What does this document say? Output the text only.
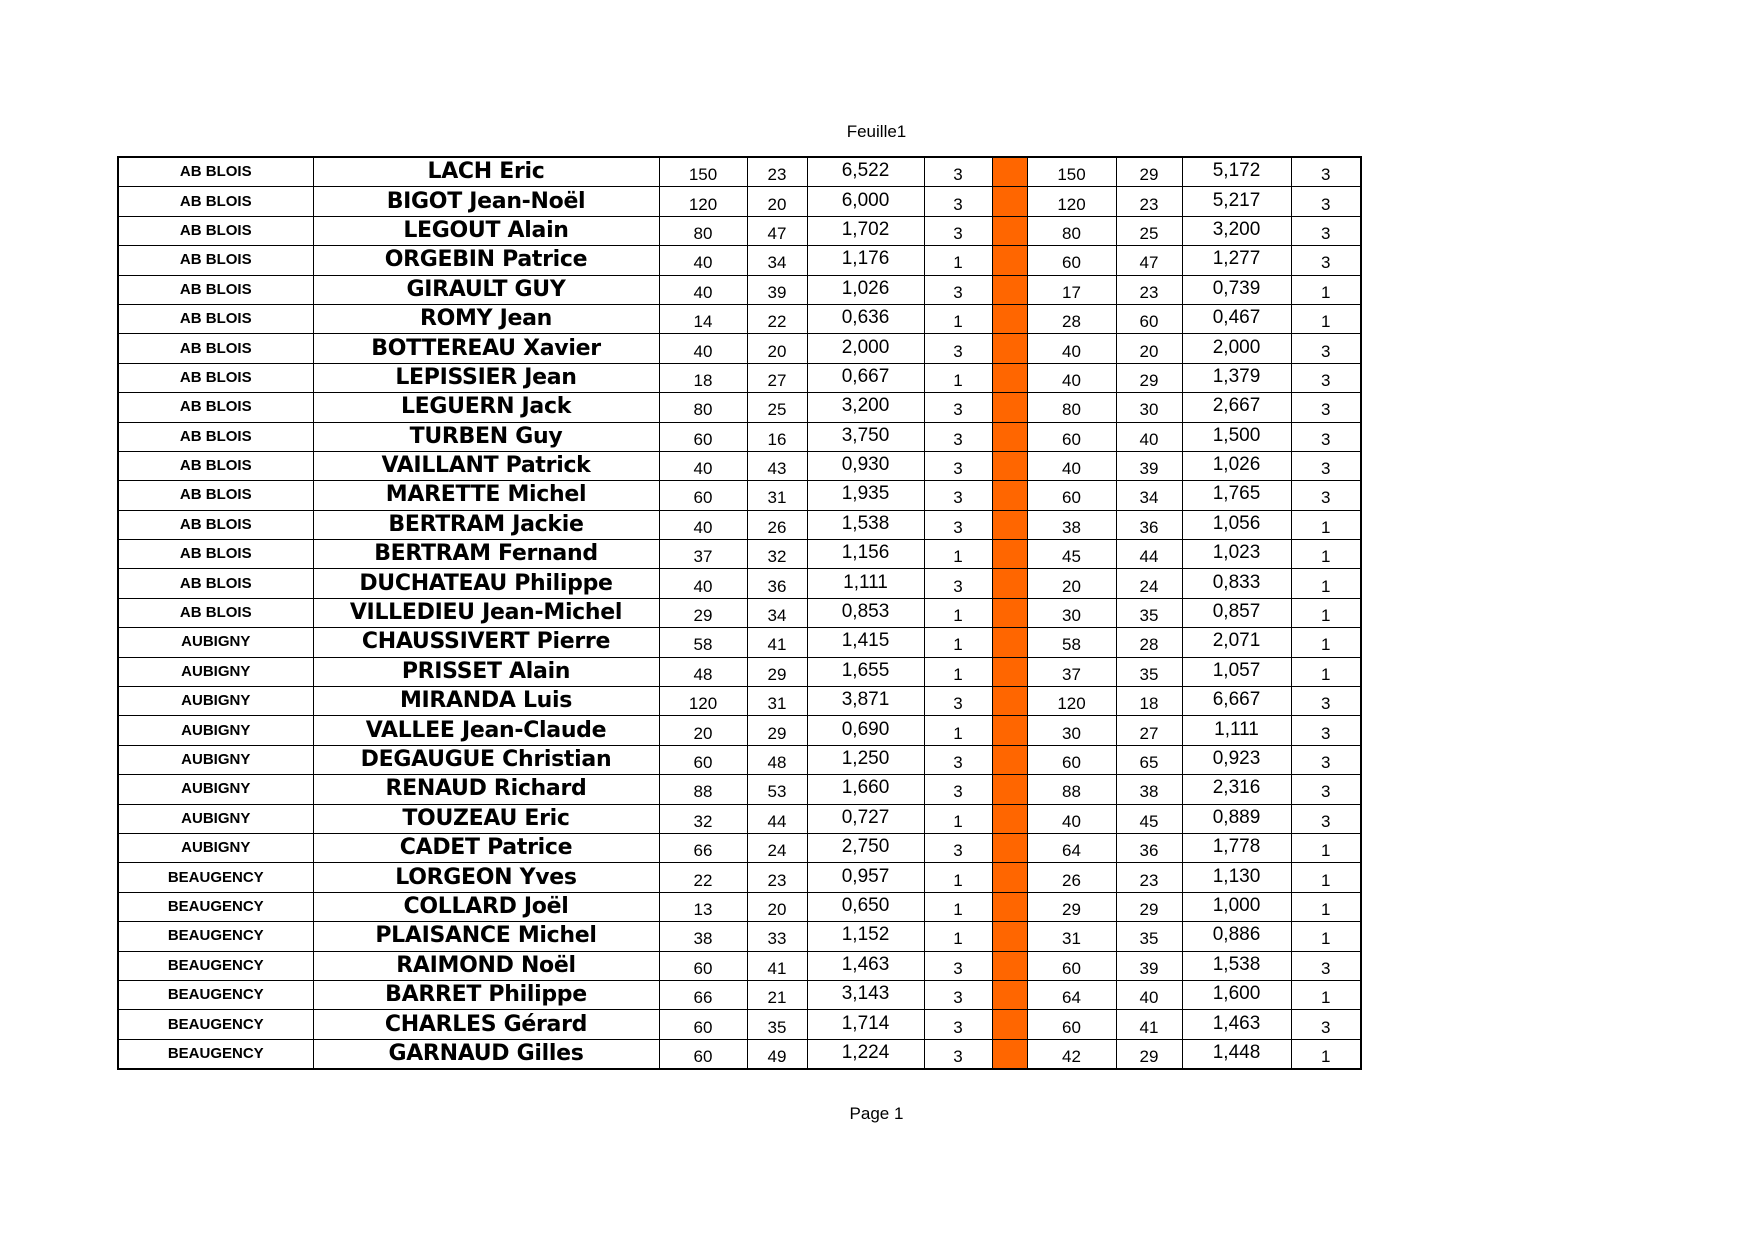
Feuille1
AB BLOIS	LACH Eric	150	23	6,522	3		150	29	5,172	3
AB BLOIS	BIGOT Jean-Noël	120	20	6,000	3		120	23	5,217	3
AB BLOIS	LEGOUT Alain	80	47	1,702	3		80	25	3,200	3
AB BLOIS	ORGEBIN Patrice	40	34	1,176	1		60	47	1,277	3
AB BLOIS	GIRAULT GUY	40	39	1,026	3		17	23	0,739	1
AB BLOIS	ROMY Jean	14	22	0,636	1		28	60	0,467	1
AB BLOIS	BOTTEREAU Xavier	40	20	2,000	3		40	20	2,000	3
AB BLOIS	LEPISSIER Jean	18	27	0,667	1		40	29	1,379	3
AB BLOIS	LEGUERN Jack	80	25	3,200	3		80	30	2,667	3
AB BLOIS	TURBEN Guy	60	16	3,750	3		60	40	1,500	3
AB BLOIS	VAILLANT Patrick	40	43	0,930	3		40	39	1,026	3
AB BLOIS	MARETTE Michel	60	31	1,935	3		60	34	1,765	3
AB BLOIS	BERTRAM Jackie	40	26	1,538	3		38	36	1,056	1
AB BLOIS	BERTRAM Fernand	37	32	1,156	1		45	44	1,023	1
AB BLOIS	DUCHATEAU Philippe	40	36	1,111	3		20	24	0,833	1
AB BLOIS	VILLEDIEU Jean-Michel	29	34	0,853	1		30	35	0,857	1
AUBIGNY	CHAUSSIVERT Pierre	58	41	1,415	1		58	28	2,071	1
AUBIGNY	PRISSET Alain	48	29	1,655	1		37	35	1,057	1
AUBIGNY	MIRANDA Luis	120	31	3,871	3		120	18	6,667	3
AUBIGNY	VALLEE Jean-Claude	20	29	0,690	1		30	27	1,111	3
AUBIGNY	DEGAUGUE Christian	60	48	1,250	3		60	65	0,923	3
AUBIGNY	RENAUD Richard	88	53	1,660	3		88	38	2,316	3
AUBIGNY	TOUZEAU Eric	32	44	0,727	1		40	45	0,889	3
AUBIGNY	CADET Patrice	66	24	2,750	3		64	36	1,778	1
BEAUGENCY	LORGEON Yves	22	23	0,957	1		26	23	1,130	1
BEAUGENCY	COLLARD Joël	13	20	0,650	1		29	29	1,000	1
BEAUGENCY	PLAISANCE Michel	38	33	1,152	1		31	35	0,886	1
BEAUGENCY	RAIMOND Noël	60	41	1,463	3		60	39	1,538	3
BEAUGENCY	BARRET Philippe	66	21	3,143	3		64	40	1,600	1
BEAUGENCY	CHARLES Gérard	60	35	1,714	3		60	41	1,463	3
BEAUGENCY	GARNAUD Gilles	60	49	1,224	3		42	29	1,448	1
Page 1
